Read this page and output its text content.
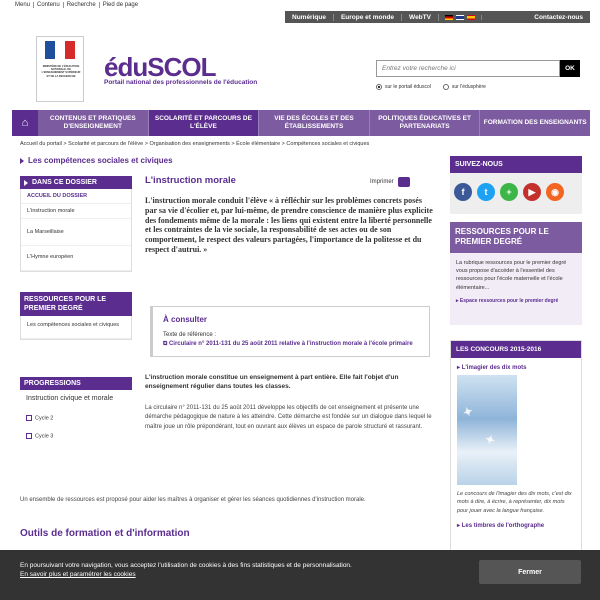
Menu	Contenu	Recherche	Pied de page
Numérique	Europe et monde	WebTV	Contactez-nous
MINISTÈRE DE L'ÉDUCATION NATIONALE, DE L'ENSEIGNEMENT SUPÉRIEUR ET DE LA RECHERCHE éduSCOL
Portail national des professionnels de l'éducation
Entrez votre recherche ici
OK
sur le portail éduscol	sur l'édusphère
⌂	CONTENUS ET PRATIQUES D'ENSEIGNEMENT
SCOLARITÉ ET PARCOURS DE L'ÉLÈVE
VIE DES ÉCOLES ET DES ÉTABLISSEMENTS
POLITIQUES ÉDUCATIVES ET PARTENARIATS
FORMATION DES ENSEIGNANTS
Accueil du portail > Scolarité et parcours de l'élève > Organisation des enseignements > École élémentaire > Compétences sociales et civiques
Les compétences sociales et civiques
DANS CE DOSSIER
ACCUEIL DU DOSSIER
L'instruction morale
La Marseillaise
L'Hymne européen
RESSOURCES POUR LE PREMIER DEGRÉ
Les compétences sociales et civiques
PROGRESSIONS
Instruction civique et morale
Cycle 2
Cycle 3
L'instruction morale	Imprimer
L'instruction morale conduit l'élève « à réfléchir sur les problèmes concrets posés par sa vie d'écolier et, par lui-même, de prendre conscience de manière plus explicite des fondements même de la morale : les liens qui existent entre la liberté personnelle et les contraintes de la vie sociale, la responsabilité de ses actes ou de son comportement, le respect des valeurs partagées, l'importance de la politesse et du respect d'autrui. »
À consulter
Texte de référence :
⧉ Circulaire n° 2011-131 du 25 août 2011 relative à l'instruction morale à l'école primaire
L'instruction morale constitue un enseignement à part entière. Elle fait l'objet d'un enseignement régulier dans toutes les classes.
La circulaire n° 2011-131 du 25 août 2011 développe les objectifs de cet enseignement et présente une démarche pédagogique de nature à les atteindre. Cette démarche est fondée sur un dialogue dans lequel le maître joue un rôle prépondérant, tout en ouvrant aux élèves un espace de parole structuré et rassurant.
Un ensemble de ressources est proposé pour aider les maîtres à organiser et gérer les séances quotidiennes d'instruction morale.
Outils de formation et d'information
SUIVEZ-NOUS
f	t	+	▶	◉
RESSOURCES POUR LE PREMIER DEGRÉ
La rubrique ressources pour le premier degré vous propose d'accéder à l'essentiel des ressources pour l'école maternelle et l'école élémentaire...
▸ Espace ressources pour le premier degré
LES CONCOURS 2015-2016
▸ L'imagier des dix mots
✦
✦
Le concours de l'imagier des dix mots, c'est dix mots à dire, à écrire, à représenter, dix mots pour jouer avec la langue française.
▸ Les timbres de l'orthographe
En poursuivant votre navigation, vous acceptez l'utilisation de cookies à des fins statistiques et de personnalisation.
En savoir plus et paramétrer les cookies	Fermer
